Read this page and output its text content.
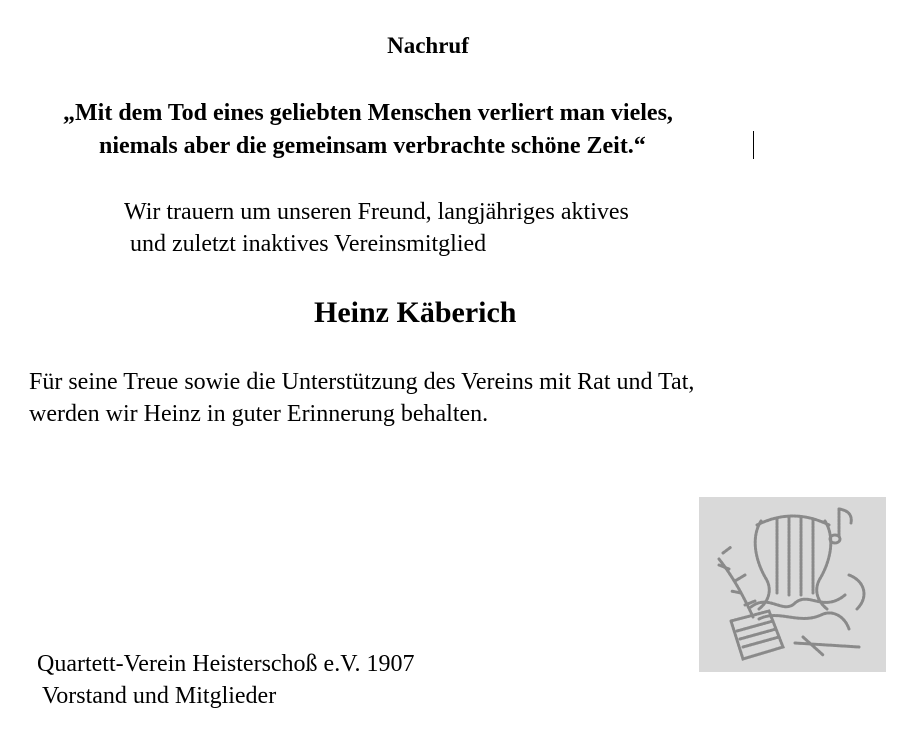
Nachruf
„Mit dem Tod eines geliebten Menschen verliert man vieles,
niemals aber die gemeinsam verbrachte schöne Zeit.“
Wir trauern um unseren Freund, langjähriges aktives
und zuletzt inaktives Vereinsmitglied
Heinz Käberich
Für seine Treue sowie die Unterstützung des Vereins mit Rat und Tat,
werden wir Heinz in guter Erinnerung behalten.
Quartett-Verein Heisterschoß e.V. 1907
Vorstand und Mitglieder
